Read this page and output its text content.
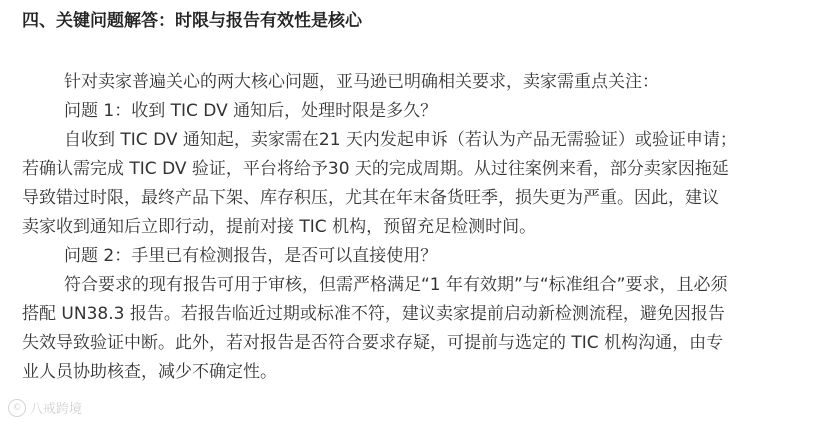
四、关键问题解答：时限与报告有效性是核心
针对卖家普遍关心的两大核心问题，亚马逊已明确相关要求，卖家需重点关注：
问题 1：收到 TIC DV 通知后，处理时限是多久？
自收到 TIC DV 通知起，卖家需在21 天内发起申诉（若认为产品无需验证）或验证申请；
若确认需完成 TIC DV 验证，平台将给予30 天的完成周期。从过往案例来看，部分卖家因拖延
导致错过时限，最终产品下架、库存积压，尤其在年末备货旺季，损失更为严重。因此，建议
卖家收到通知后立即行动，提前对接 TIC 机构，预留充足检测时间。
问题 2：手里已有检测报告，是否可以直接使用？
符合要求的现有报告可用于审核，但需严格满足“1 年有效期”与“标准组合”要求，且必须
搭配 UN38.3 报告。若报告临近过期或标准不符，建议卖家提前启动新检测流程，避免因报告
失效导致验证中断。此外，若对报告是否符合要求存疑，可提前与选定的 TIC 机构沟通，由专
业人员协助核查，减少不确定性。
© 八戒跨境
